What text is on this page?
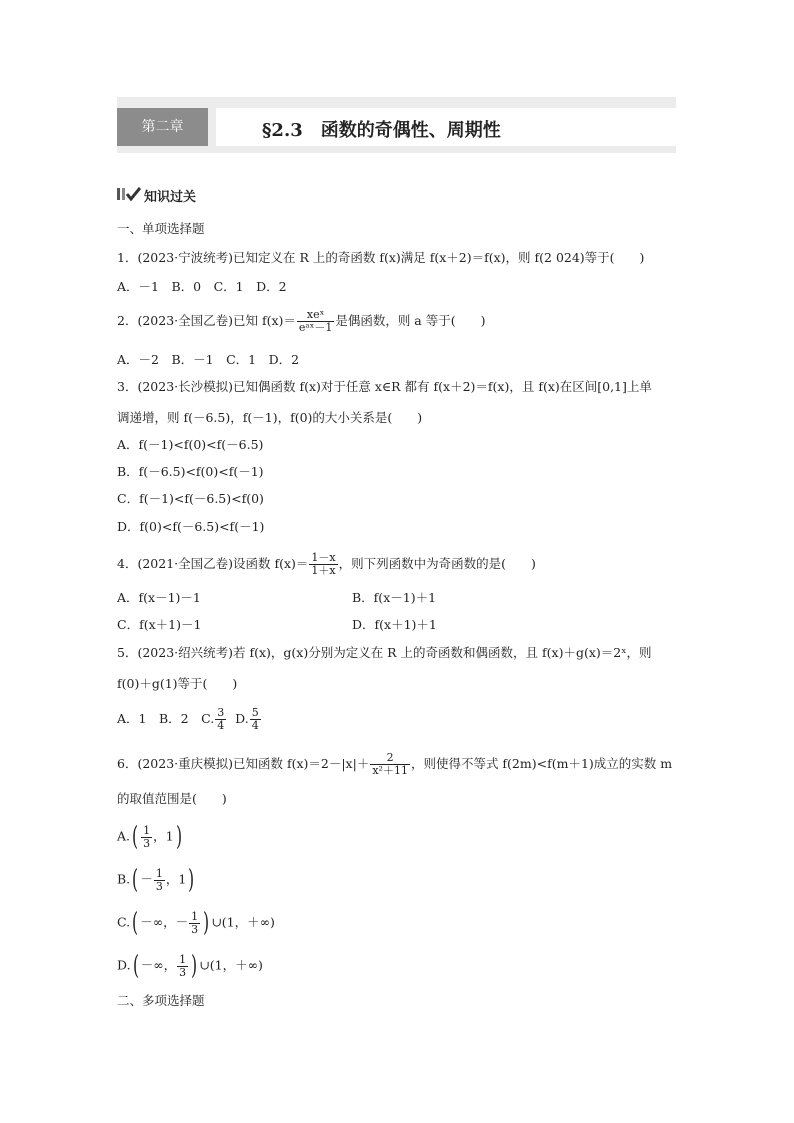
第二章	§2.3　函数的奇偶性、周期性
知识过关
一、单项选择题
1．(2023·宁波统考)已知定义在 R 上的奇函数 f(x)满足 f(x＋2)＝f(x)，则 f(2 024)等于(　　)
A．－1　B．0　C．1　D．2
2．(2023·全国乙卷)已知 $f(x)= \frac{\text{xeˣ}}{\text{eᵃˣ－1}}$ 是偶函数，则 a 等于(　　)
A．－2　B．－1　C．1　D．2
3．(2023·长沙模拟)已知偶函数 f(x)对于任意 x∈R 都有 f(x＋2)＝f(x)，且 f(x)在区间[0,1]上单
调递增，则 f(－6.5)，f(－1)，f(0)的大小关系是(　　)
A．f(－1)<f(0)<f(－6.5)
B．f(－6.5)<f(0)<f(－1)
C．f(－1)<f(－6.5)<f(0)
D．f(0)<f(－6.5)<f(－1)
4．(2021·全国乙卷)设函数 $f(x)= \frac{1-x}{1+x}$ ，则下列函数中为奇函数的是(　　)
A．f(x－1)－1	B．f(x－1)＋1
C．f(x＋1)－1	D．f(x＋1)＋1
5．(2023·绍兴统考)若 f(x)，g(x)分别为定义在 R 上的奇函数和偶函数，且 f(x)＋g(x)＝2ˣ，则
f(0)＋g(1)等于(　　)
A．1　B．2　C. $\frac{3}{4} D$. $\frac{5}{4}$
6．(2023·重庆模拟)已知函数 $f(x)=2-|x|+ \frac{2}{\text{x²＋11}}$ ，则使得不等式 f(2m)<f(m＋1)成立的实数 m
的取值范围是(　　)
$A.( \frac{1}{3}$ ，1)
$B.( - \frac{1}{3}$ ，1)
C.( －∞，－ $\frac{1}{3}$ ) ∪(1，＋∞)
D.( －∞， $\frac{1}{3}$ ) ∪(1，＋∞)
二、多项选择题
